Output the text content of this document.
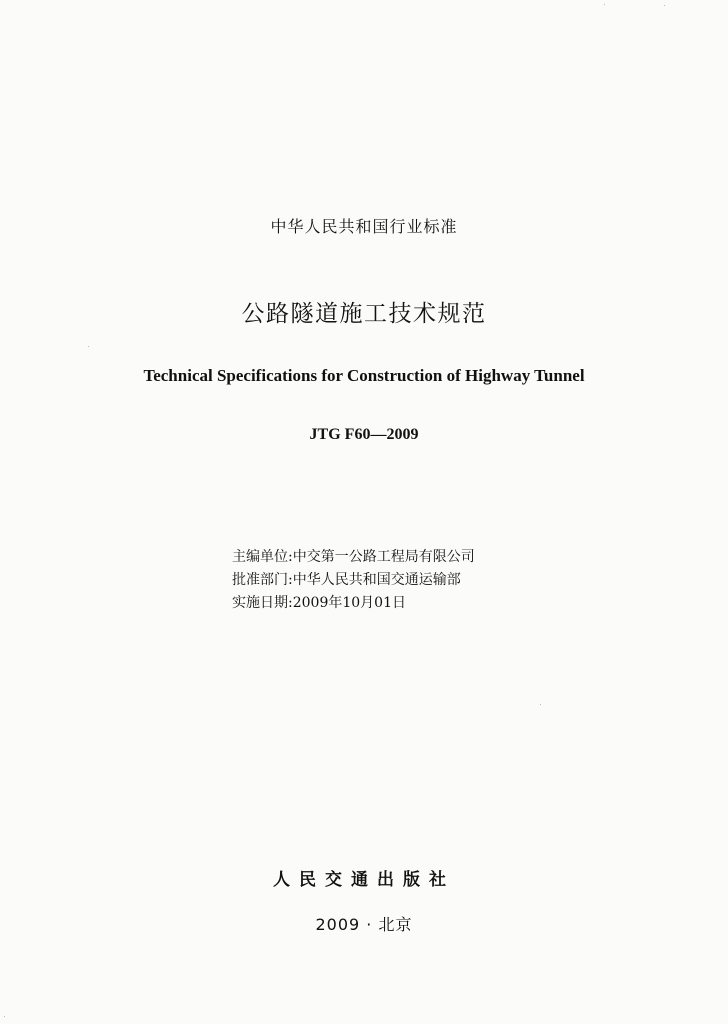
中华人民共和国行业标准
公路隧道施工技术规范
Technical Specifications for Construction of Highway Tunnel
JTG F60—2009
主编单位:中交第一公路工程局有限公司
批准部门:中华人民共和国交通运输部
实施日期:2009年10月01日
人民交通出版社
2009 · 北京
